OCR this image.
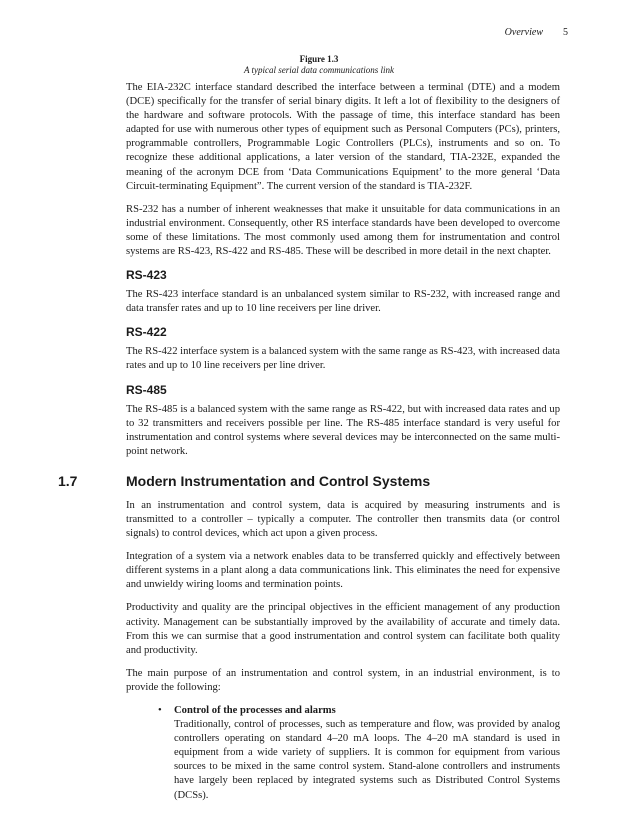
Overview 5
Figure 1.3
A typical serial data communications link

The EIA-232C interface standard described the interface between a terminal (DTE) and a modem (DCE) specifically for the transfer of serial binary digits. It left a lot of flexibility to the designers of the hardware and software protocols. With the passage of time, this interface standard has been adapted for use with numerous other types of equipment such as Personal Computers (PCs), printers, programmable controllers, Programmable Logic Controllers (PLCs), instruments and so on. To recognize these additional applications, a later version of the standard, TIA-232E, expanded the meaning of the acronym DCE from ‘Data Communications Equipment’ to the more general ‘Data Circuit-terminating Equipment”. The current version of the standard is TIA-232F.

RS-232 has a number of inherent weaknesses that make it unsuitable for data communications in an industrial environment. Consequently, other RS interface standards have been developed to overcome some of these limitations. The most commonly used among them for instrumentation and control systems are RS-423, RS-422 and RS-485. These will be described in more detail in the next chapter.

RS-423

The RS-423 interface standard is an unbalanced system similar to RS-232, with increased range and data transfer rates and up to 10 line receivers per line driver.

RS-422

The RS-422 interface system is a balanced system with the same range as RS-423, with increased data rates and up to 10 line receivers per line driver.

RS-485

The RS-485 is a balanced system with the same range as RS-422, but with increased data rates and up to 32 transmitters and receivers possible per line. The RS-485 interface standard is very useful for instrumentation and control systems where several devices may be interconnected on the same multi-point network.

1.7	Modern Instrumentation and Control Systems

In an instrumentation and control system, data is acquired by measuring instruments and is transmitted to a controller – typically a computer. The controller then transmits data (or control signals) to control devices, which act upon a given process.

Integration of a system via a network enables data to be transferred quickly and effectively between different systems in a plant along a data communications link. This eliminates the need for expensive and unwieldy wiring looms and termination points.

Productivity and quality are the principal objectives in the efficient management of any production activity. Management can be substantially improved by the availability of accurate and timely data. From this we can surmise that a good instrumentation and control system can facilitate both quality and productivity.

The main purpose of an instrumentation and control system, in an industrial environment, is to provide the following:

• Control of the processes and alarms

Traditionally, control of processes, such as temperature and flow, was provided by analog controllers operating on standard 4–20 mA loops. The 4–20 mA standard is used in equipment from a wide variety of suppliers. It is common for equipment from various sources to be mixed in the same control system. Stand-alone controllers and instruments have largely been replaced by integrated systems such as Distributed Control Systems (DCSs).
